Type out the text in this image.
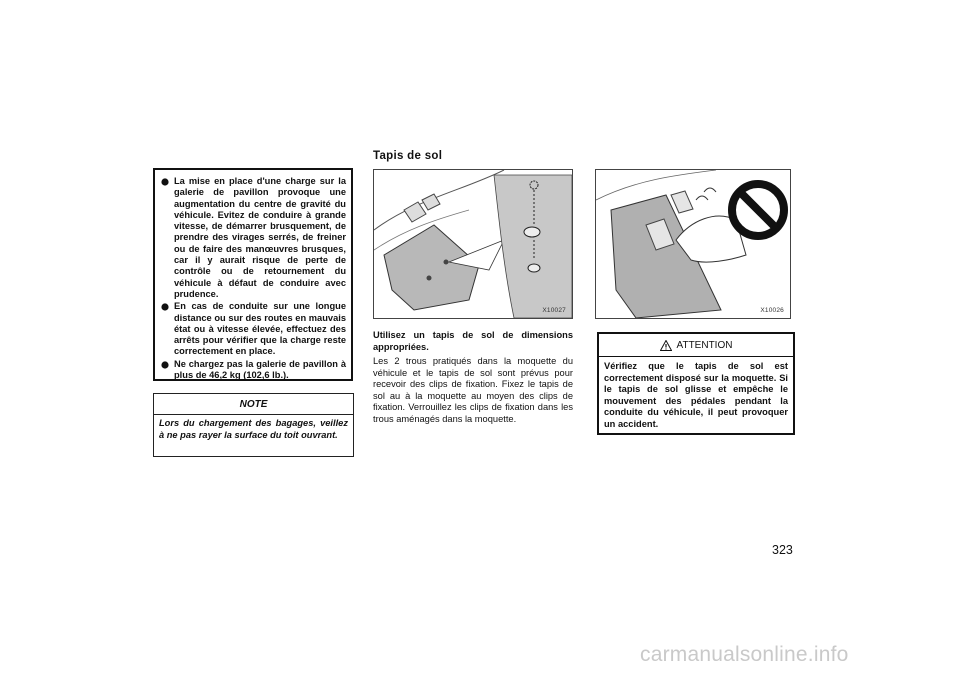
La mise en place d'une charge sur la galerie de pavillon provoque une augmentation du centre de gravité du véhicule. Evitez de conduire à grande vitesse, de démarrer brusquement, de prendre des virages serrés, de freiner ou de faire des manœuvres brusques, car il y aurait risque de perte de contrôle ou de retournement du véhicule à défaut de conduire avec prudence.
En cas de conduite sur une longue distance ou sur des routes en mauvais état ou à vitesse élevée, effectuez des arrêts pour vérifier que la charge reste correctement en place.
Ne chargez pas la galerie de pavillon à plus de 46,2 kg (102,6 lb.).
NOTE
Lors du chargement des bagages, veillez à ne pas rayer la surface du toit ouvrant.
Tapis de sol
X10027	X10026
Utilisez un tapis de sol de dimensions appropriées.
Les 2 trous pratiqués dans la moquette du véhicule et le tapis de sol sont prévus pour recevoir des clips de fixation. Fixez le tapis de sol au à la moquette au moyen des clips de fixation. Verrouillez les clips de fixation dans les trous aménagés dans la moquette.
ATTENTION
Vérifiez que le tapis de sol est correctement disposé sur la moquette. Si le tapis de sol glisse et empêche le mouvement des pédales pendant la conduite du véhicule, il peut provoquer un accident.
323
carmanualsonline.info
